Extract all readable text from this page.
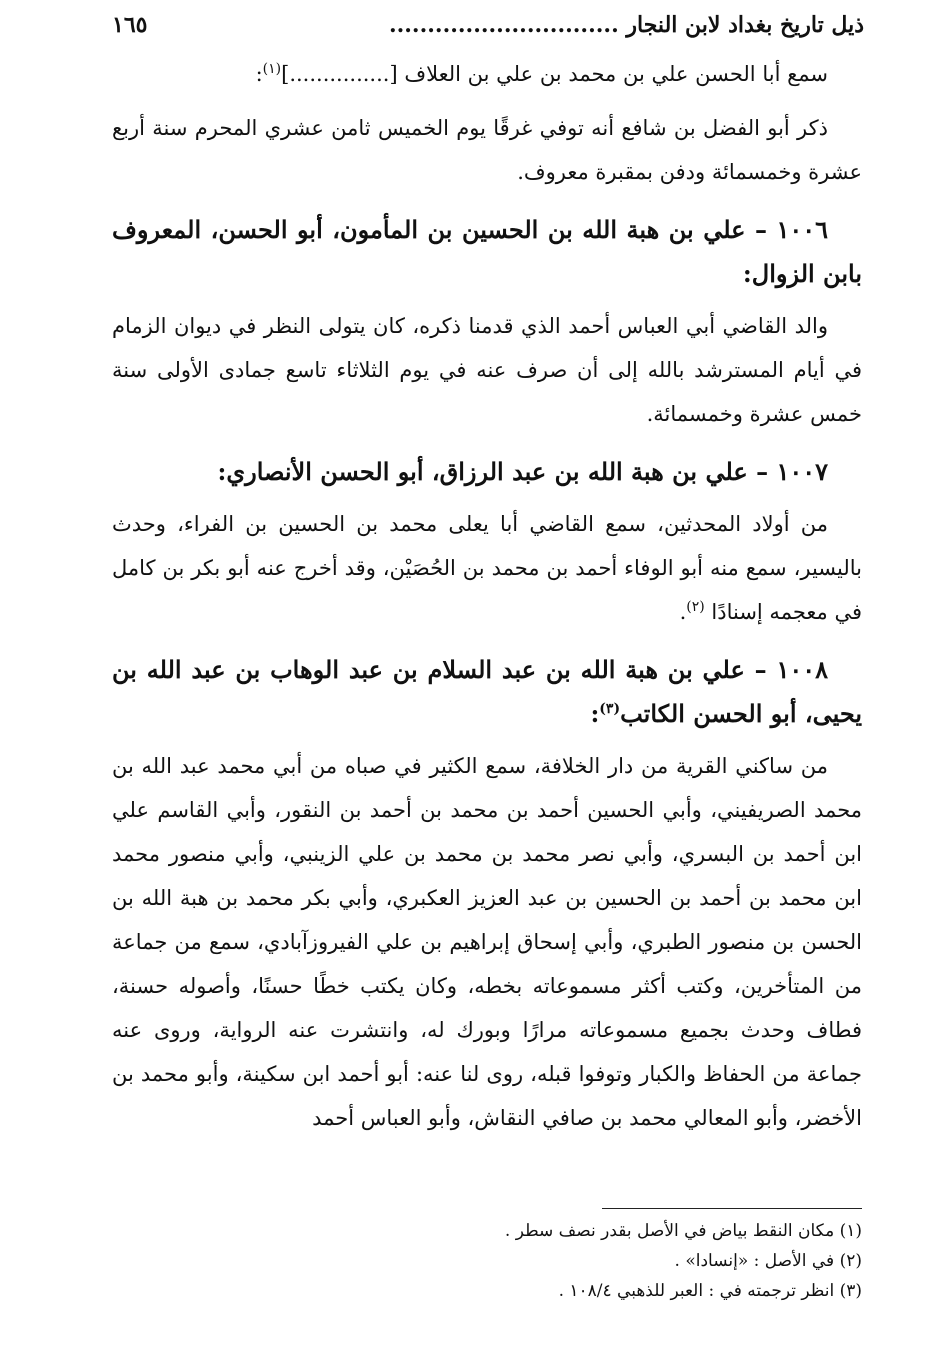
ذيل تاريخ بغداد لابن النجار ..............................
١٦٥

سمع أبا الحسن علي بن محمد بن علي بن العلاف [...............]$^{(١)}$:

ذكر أبو الفضل بن شافع أنه توفي غرقًا يوم الخميس ثامن عشري المحرم سنة أربع عشرة وخمسمائة ودفن بمقبرة معروف.

١٠٠٦ – علي بن هبة الله بن الحسين بن المأمون، أبو الحسن، المعروف بابن الزوال:

والد القاضي أبي العباس أحمد الذي قدمنا ذكره، كان يتولى النظر في ديوان الزمام في أيام المسترشد بالله إلى أن صرف عنه في يوم الثلاثاء تاسع جمادى الأولى سنة خمس عشرة وخمسمائة.

١٠٠٧ – علي بن هبة الله بن عبد الرزاق، أبو الحسن الأنصاري:

من أولاد المحدثين، سمع القاضي أبا يعلى محمد بن الحسين بن الفراء، وحدث باليسير، سمع منه أبو الوفاء أحمد بن محمد بن الحُصَيْن، وقد أخرج عنه أبو بكر بن كامل في معجمه إسنادًا $^{(٢)}$.

١٠٠٨ – علي بن هبة الله بن عبد السلام بن عبد الوهاب بن عبد الله بن يحيى، أبو الحسن الكاتب$^{(٣)}$:

من ساكني القرية من دار الخلافة، سمع الكثير في صباه من أبي محمد عبد الله بن محمد الصريفيني، وأبي الحسين أحمد بن محمد بن أحمد بن النقور، وأبي القاسم علي ابن أحمد بن البسري، وأبي نصر محمد بن محمد بن علي الزينبي، وأبي منصور محمد ابن محمد بن أحمد بن الحسين بن عبد العزيز العكبري، وأبي بكر محمد بن هبة الله بن الحسن بن منصور الطبري، وأبي إسحاق إبراهيم بن علي الفيروزآبادي، سمع من جماعة من المتأخرين، وكتب أكثر مسموعاته بخطه، وكان يكتب خطًا حسنًا، وأصوله حسنة، فطاف وحدث بجميع مسموعاته مرارًا وبورك له، وانتشرت عنه الرواية، وروى عنه جماعة من الحفاظ والكبار وتوفوا قبله، روى لنا عنه: أبو أحمد ابن سكينة، وأبو محمد بن الأخضر، وأبو المعالي محمد بن صافي النقاش، وأبو العباس أحمد

(١) مكان النقط بياض في الأصل بقدر نصف سطر .

(٢) في الأصل : «إنسادا» .

(٣) انظر ترجمته في : العبر للذهبي ١٠٨/٤ .
